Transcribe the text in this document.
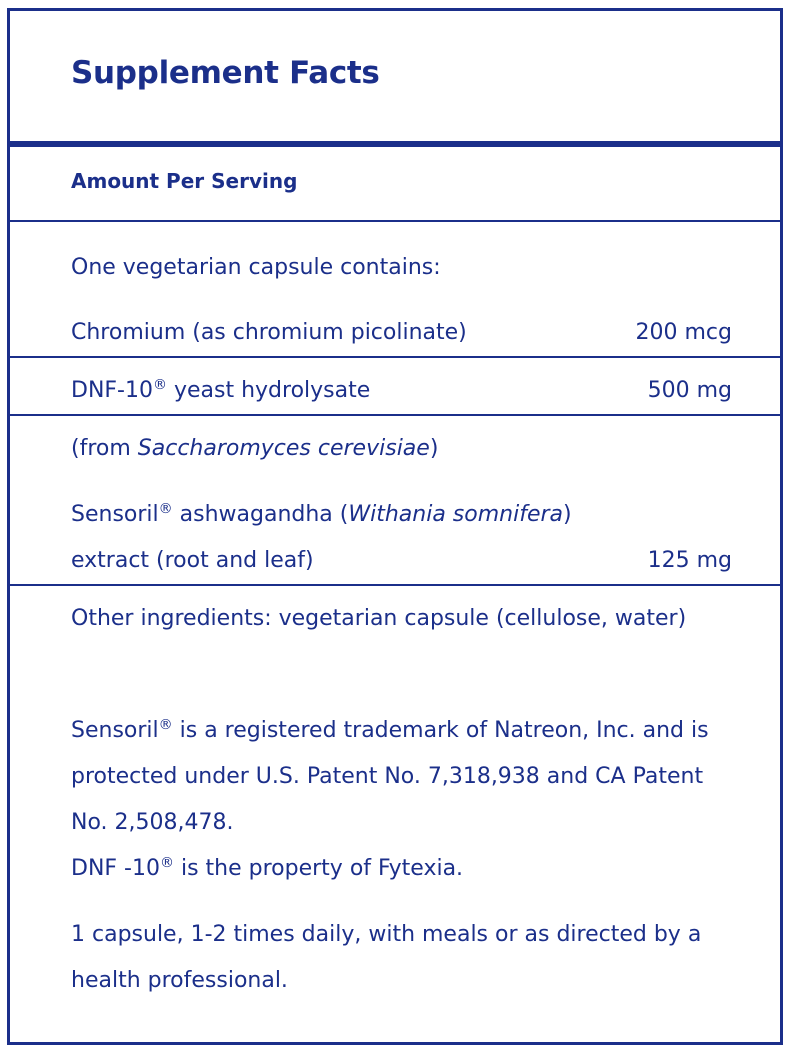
Supplement Facts
Amount Per Serving
One vegetarian capsule contains:
Chromium (as chromium picolinate)	200 mcg
DNF-10® yeast hydrolysate	500 mg
(from Saccharomyces cerevisiae)
Sensoril® ashwagandha (Withania somnifera)
extract (root and leaf)	125 mg
Other ingredients: vegetarian capsule (cellulose, water)
Sensoril® is a registered trademark of Natreon, Inc. and is protected under U.S. Patent No. 7,318,938 and CA Patent No. 2,508,478.
DNF -10® is the property of Fytexia.
1 capsule, 1-2 times daily, with meals or as directed by a health professional.
